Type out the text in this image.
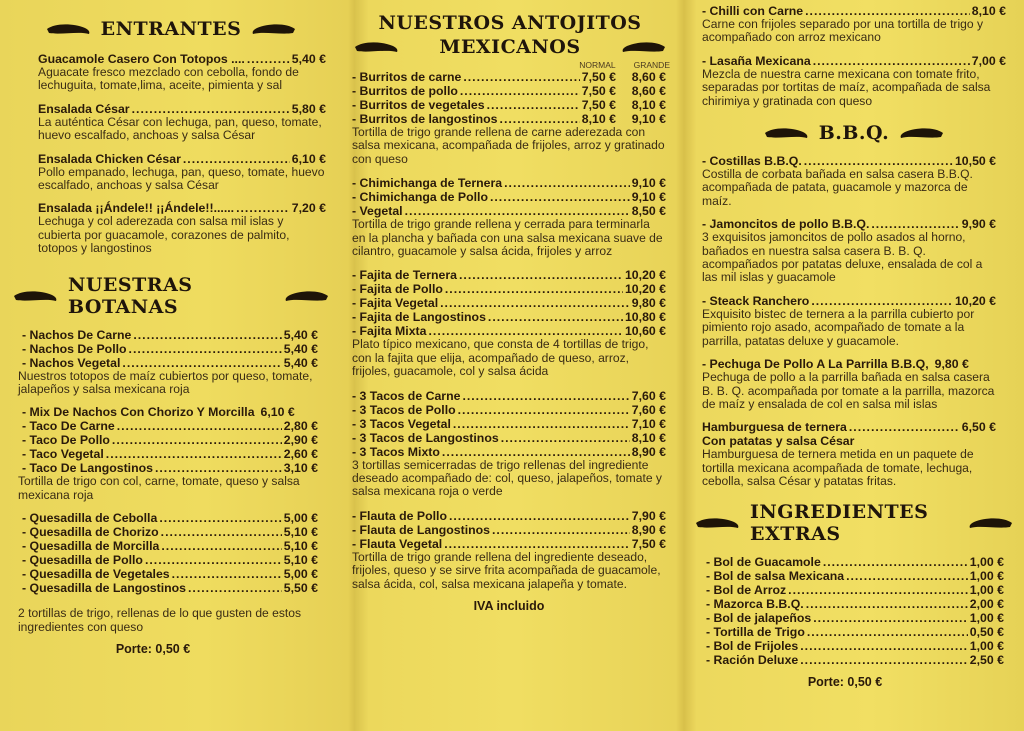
ENTRANTES
Guacamole Casero Con Totopos .... .....	5,40 €
Aguacate fresco mezclado con cebolla, fondo de lechuguita, tomate,lima, aceite, pimienta y sal
Ensalada César .....	5,80 €
La auténtica César con lechuga, pan, queso, tomate, huevo escalfado, anchoas y salsa César
Ensalada Chicken César .....	6,10 €
Pollo empanado, lechuga, pan, queso, tomate, huevo escalfado, anchoas y salsa César
Ensalada ¡¡Ándele!! ¡¡Ándele!!...... .....	7,20 €
Lechuga y col aderezada con salsa mil islas y cubierta por guacamole, corazones de palmito, totopos y langostinos
NUESTRAS BOTANAS
- Nachos De Carne .....	5,40 €
- Nachos De Pollo .....	5,40 €
- Nachos Vegetal .....	5,40 €
Nuestros totopos de maíz cubiertos por queso, tomate, jalapeños y salsa mexicana roja
- Mix De Nachos Con Chorizo Y Morcilla 6,10 €
- Taco De Carne .....	2,80 €
- Taco De Pollo .....	2,90 €
- Taco Vegetal .....	2,60 €
- Taco De Langostinos .....	3,10 €
Tortilla de trigo con col, carne, tomate, queso y salsa mexicana roja
- Quesadilla de Cebolla .....	5,00 €
- Quesadilla de Chorizo .....	5,10 €
- Quesadilla de Morcilla .....	5,10 €
- Quesadilla de Pollo .....	5,10 €
- Quesadilla de Vegetales .....	5,00 €
- Quesadilla de Langostinos .....	5,50 €
2 tortillas de trigo, rellenas de lo que gusten de estos ingredientes con queso
Porte: 0,50 €
NUESTROS ANTOJITOS
MEXICANOS
NORMAL GRANDE
- Burritos de carne .....	7,50 €	8,60 €
- Burritos de pollo .....	7,50 €	8,60 €
- Burritos de vegetales .....	7,50 €	8,10 €
- Burritos de langostinos .....	8,10 €	9,10 €
Tortilla de trigo grande rellena de carne aderezada con salsa mexicana, acompañada de frijoles, arroz y gratinado con queso
- Chimichanga de Ternera .....	9,10 €
- Chimichanga de Pollo .....	9,10 €
- Vegetal .....	8,50 €
Tortilla de trigo grande rellena y cerrada para terminarla en la plancha y bañada con una salsa mexicana suave de cilantro, guacamole y salsa ácida, frijoles y arroz
- Fajita de Ternera .....	10,20 €
- Fajita de Pollo .....	10,20 €
- Fajita Vegetal .....	9,80 €
- Fajita de Langostinos .....	10,80 €
- Fajita Mixta .....	10,60 €
Plato típico mexicano, que consta de 4 tortillas de trigo, con la fajita que elija, acompañado de queso, arroz, frijoles, guacamole, col y salsa ácida
- 3 Tacos de Carne .....	7,60 €
- 3 Tacos de Pollo .....	7,60 €
- 3 Tacos Vegetal .....	7,10 €
- 3 Tacos de Langostinos .....	8,10 €
- 3 Tacos Mixto .....	8,90 €
3 tortillas semicerradas de trigo rellenas del ingrediente deseado acompañado de: col, queso, jalapeños, tomate y salsa mexicana roja o verde
- Flauta de Pollo .....	7,90 €
- Flauta de Langostinos .....	8,90 €
- Flauta Vegetal .....	7,50 €
Tortilla de trigo grande rellena del ingrediente deseado, frijoles, queso y se sirve frita acompañada de guacamole, salsa ácida, col, salsa mexicana jalapeña y tomate.
IVA incluido
- Chilli con Carne .....	8,10 €
Carne con frijoles separado por una tortilla de trigo y acompañado con arroz mexicano
- Lasaña Mexicana .....	7,00 €
Mezcla de nuestra carne mexicana con tomate frito, separadas por tortitas de maíz, acompañada de salsa chirimiya y gratinada con queso
B.B.Q.
- Costillas B.B.Q. .....	10,50 €
Costilla de corbata bañada en salsa casera B.B.Q. acompañada de patata, guacamole y mazorca de maíz.
- Jamoncitos de pollo B.B.Q. .....	9,90 €
3 exquisitos jamoncitos de pollo asados al horno, bañados en nuestra salsa casera B. B. Q. acompañados por patatas deluxe, ensalada de col a las mil islas y guacamole
- Steack Ranchero .....	10,20 €
Exquisito bistec de ternera a la parrilla cubierto por pimiento rojo asado, acompañado de tomate a la parrilla, patatas deluxe y guacamole.
- Pechuga De Pollo A La Parrilla B.B.Q, 9,80 €
Pechuga de pollo a la parrilla bañada en salsa casera B. B. Q. acompañada por tomate a la parrilla, mazorca de maíz y ensalada de col en salsa mil islas
Hamburguesa de ternera .....	6,50 €
Con patatas y salsa César
Hamburguesa de ternera metida en un paquete de tortilla mexicana acompañada de tomate, lechuga, cebolla, salsa César y patatas fritas.
INGREDIENTES EXTRAS
- Bol de Guacamole .....	1,00 €
- Bol de salsa Mexicana .....	1,00 €
- Bol de Arroz .....	1,00 €
- Mazorca B.B.Q. .....	2,00 €
- Bol de jalapeños .....	1,00 €
- Tortilla de Trigo .....	0,50 €
- Bol de Frijoles .....	1,00 €
- Ración Deluxe .....	2,50 €
Porte: 0,50 €
